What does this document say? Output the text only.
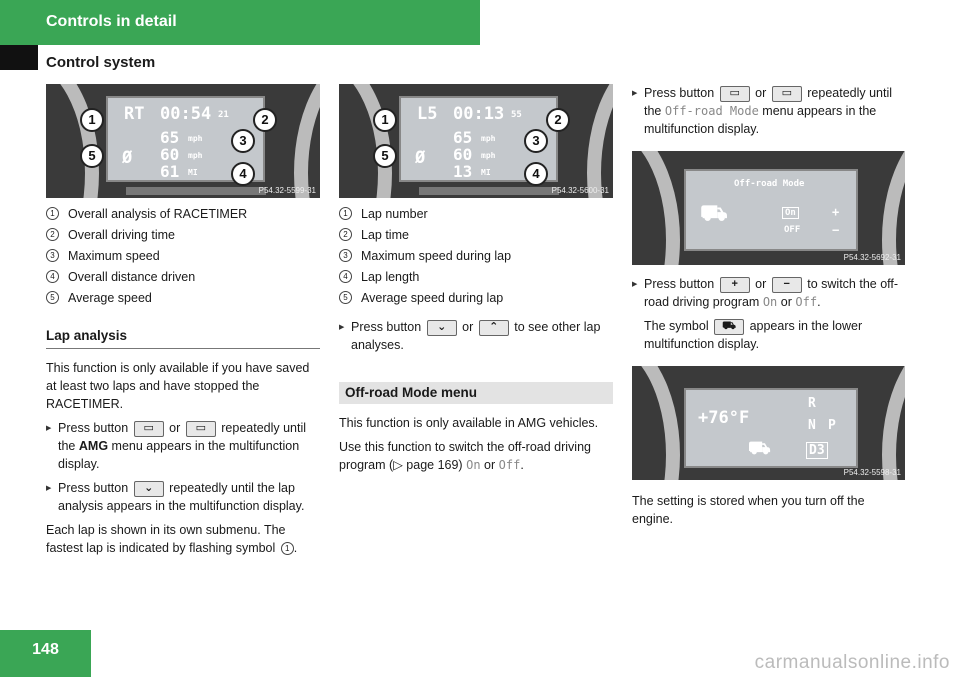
Controls in detail
Control system
RT 00:54 21
Ø
65 mph
60 mph
61 MI
1
5
2
3
4
P54.32-5599-31
1	Overall analysis of RACETIMER
2	Overall driving time
3	Maximum speed
4	Overall distance driven
5	Average speed
Lap analysis

This function is only available if you have saved at least two laps and have stopped the RACETIMER.

▶ Press button ▭ or ▭ repeatedly until the AMG menu appears in the multifunction display.
▶ Press button ⌄ repeatedly until the lap analysis appears in the multifunction display.

Each lap is shown in its own submenu. The fastest lap is indicated by flashing symbol 1 .

L5 00:13 55
Ø
65 mph
60 mph
13 MI
1
5
2
3
4
P54.32-5600-31
1	Lap number
2	Lap time
3	Maximum speed during lap
4	Lap length
5	Average speed during lap
▶ Press button ⌄ or ⌃ to see other lap analyses.
Off-road Mode menu

This function is only available in AMG vehicles.

Use this function to switch the off-road driving program (▷ page 169) On or Off.

▶ Press button ▭ or ▭ repeatedly until the Off-road Mode menu appears in the multifunction display.
Off-road Mode
⛟	On
OFF
+
−
P54.32-5692-31
▶ Press button + or − to switch the off-road driving program On or Off.

The symbol ⛟ appears in the lower multifunction display.

+76°F
⛟
R
N P
D3
P54.32-5598-31

The setting is stored when you turn off the engine.

148
carmanualsonline.info
